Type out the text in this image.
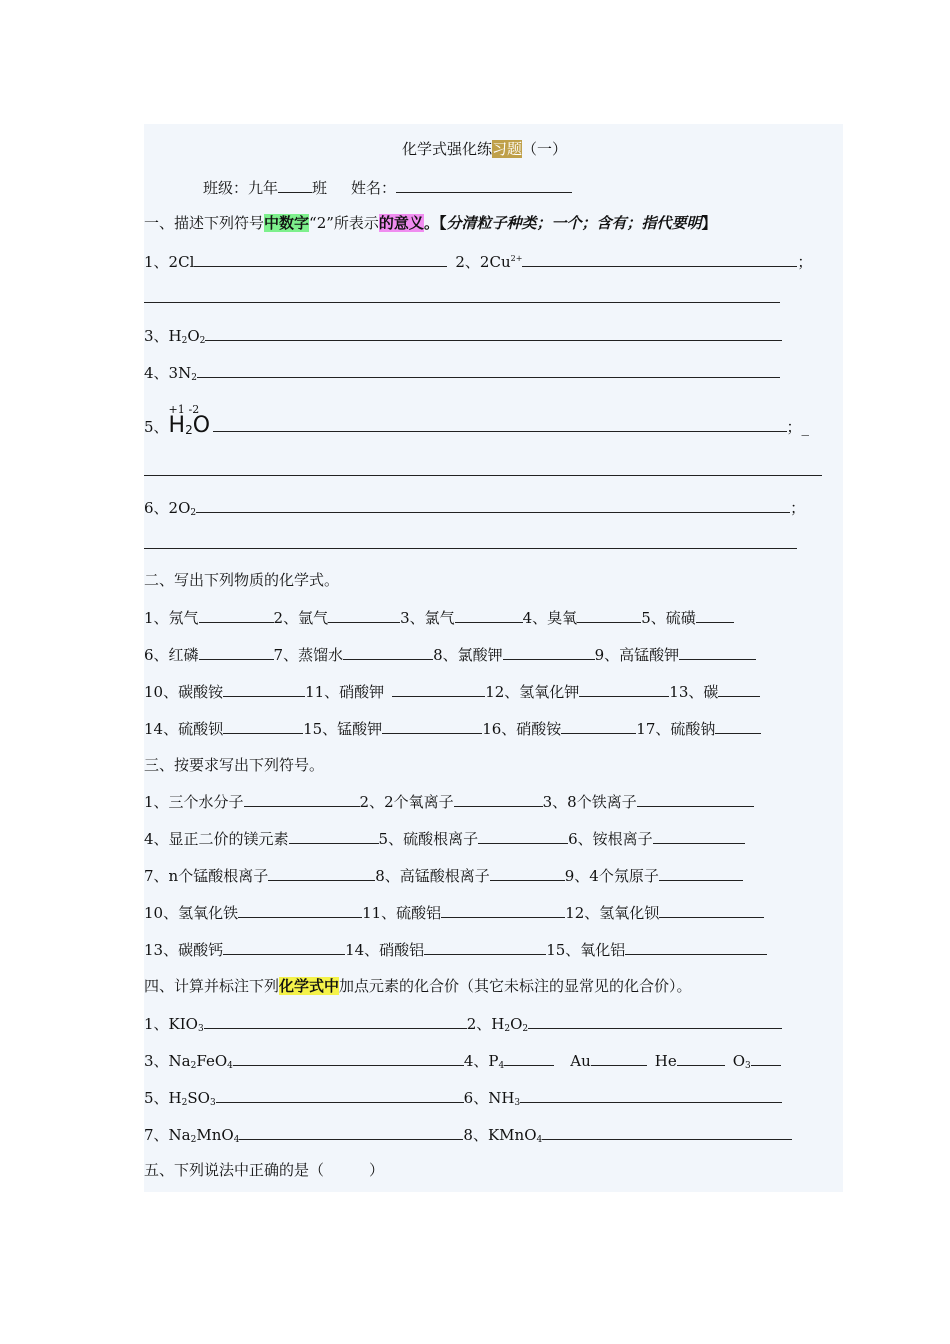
化学式强化练习题（一）
班级：九年 班 姓名：
一、描述下列符号中数字“2”所表示的意义。【分清粒子种类；一个；含有；指代要明】
1、2Cl	2、$2Cu^{2+}$	；
3、$H_2O_2$
4、$3N_2$
5、
+1 -2
$H_2O$	；_
6、$2O_2$	；
二、写出下列物质的化学式。
1、氖气	2、氩气	3、氯气	4、臭氧	5、硫磺
6、红磷	7、蒸馏水	8、氯酸钾	9、高锰酸钾
10、碳酸铵	11、硝酸钾	12、氢氧化钾	13、碳
14、硫酸钡	15、锰酸钾	16、硝酸铵	17、硫酸钠
三、按要求写出下列符号。
1、三个水分子	2、2个氧离子	3、8个铁离子
4、显正二价的镁元素	5、硫酸根离子	6、铵根离子
7、n个锰酸根离子	8、高锰酸根离子	9、4个氖原子
10、氢氧化铁	11、硫酸铝	12、氢氧化钡
13、碳酸钙	14、硝酸铝	15、氧化铝
四、计算并标注下列化学式中加点元素的化合价（其它未标注的显常见的化合价）。
1、$KIO_3$	2、$H_2O_2$
3、$Na_2FeO_4$	4、$P_4$	Au	He	$O_3$
5、$H_2SO_3$	6、$NH_3$
7、$Na_2MnO_4$	8、KMnO$_4$
五、下列说法中正确的是（　　　）
